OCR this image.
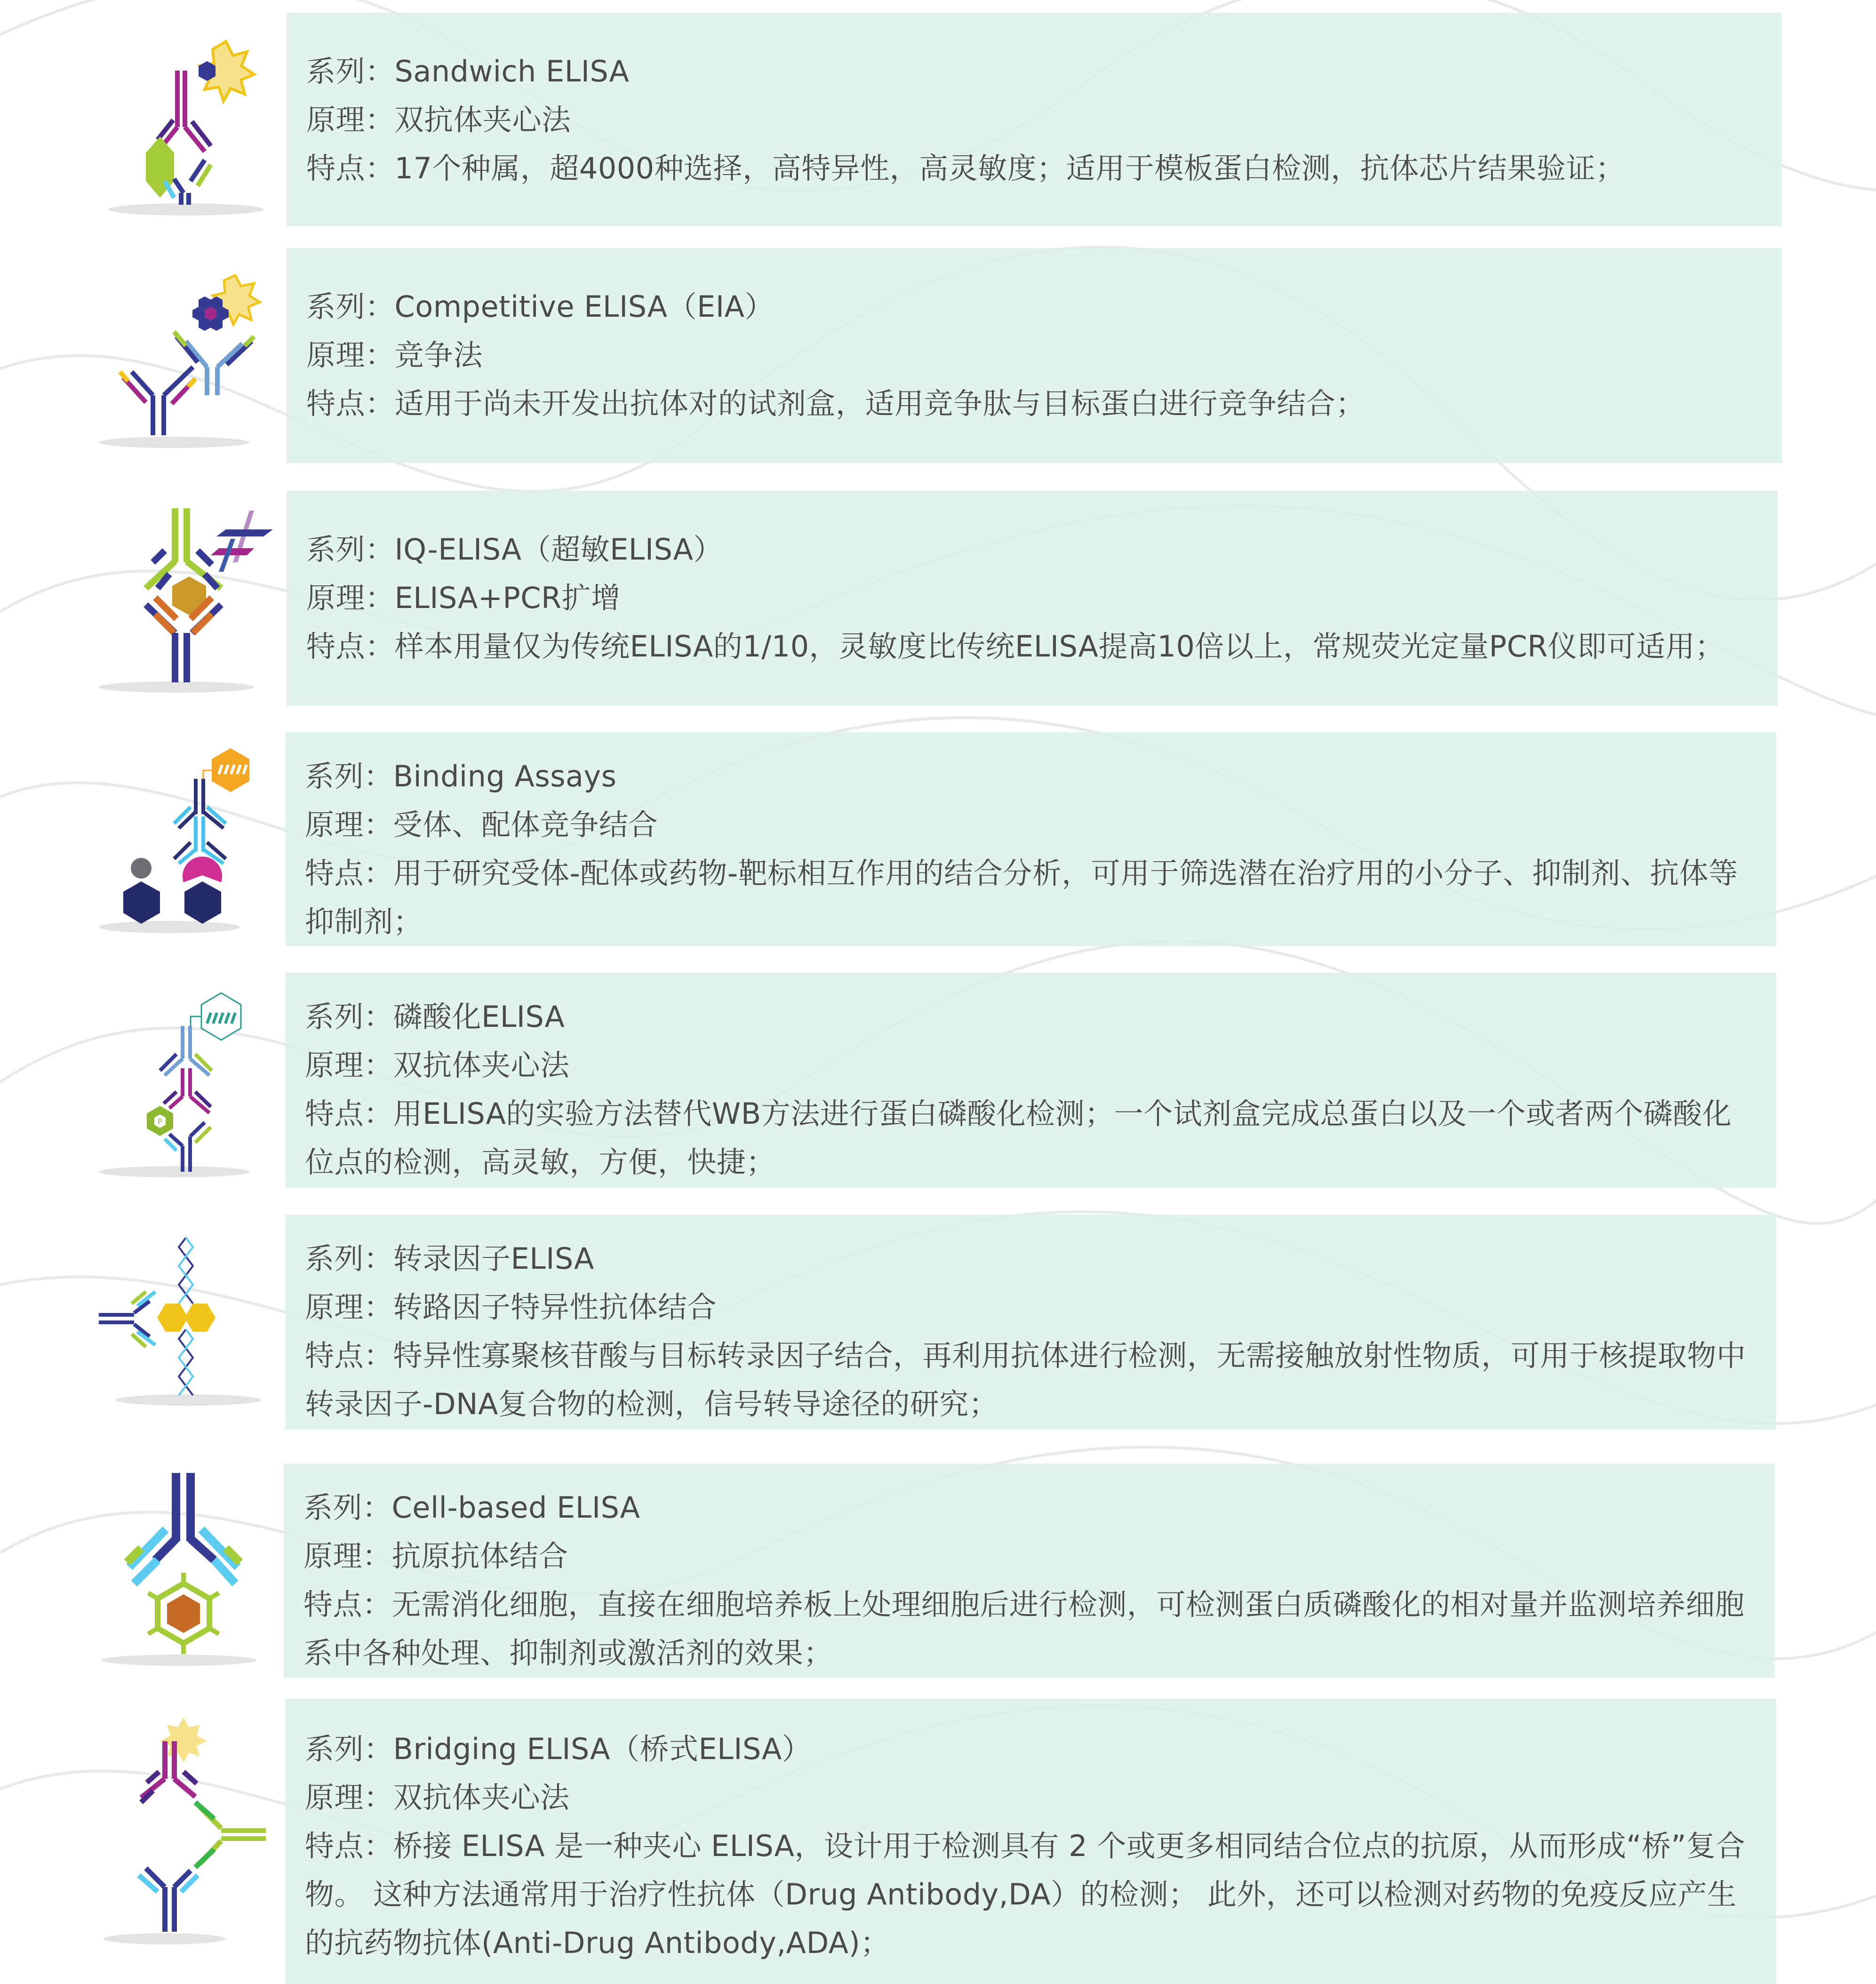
系列：Sandwich ELISA
原理：双抗体夹心法
特点：17个种属，超4000种选择，高特异性，高灵敏度；适用于模板蛋白检测，抗体芯片结果验证；
系列：Competitive ELISA（EIA）
原理：竞争法
特点：适用于尚未开发出抗体对的试剂盒，适用竞争肽与目标蛋白进行竞争结合；
系列：IQ-ELISA（超敏ELISA）
原理：ELISA+PCR扩增
特点：样本用量仅为传统ELISA的1/10，灵敏度比传统ELISA提高10倍以上，常规荧光定量PCR仪即可适用；
系列：Binding Assays
原理：受体、配体竞争结合
特点：用于研究受体-配体或药物-靶标相互作用的结合分析，可用于筛选潜在治疗用的小分子、抑制剂、抗体等抑制剂；
P
系列：磷酸化ELISA
原理：双抗体夹心法
特点：用ELISA的实验方法替代WB方法进行蛋白磷酸化检测；一个试剂盒完成总蛋白以及一个或者两个磷酸化位点的检测，高灵敏，方便，快捷；
系列：转录因子ELISA
原理：转路因子特异性抗体结合
特点：特异性寡聚核苷酸与目标转录因子结合，再利用抗体进行检测，无需接触放射性物质，可用于核提取物中转录因子-DNA复合物的检测，信号转导途径的研究；
系列：Cell-based ELISA
原理：抗原抗体结合
特点：无需消化细胞，直接在细胞培养板上处理细胞后进行检测，可检测蛋白质磷酸化的相对量并监测培养细胞系中各种处理、抑制剂或激活剂的效果；
系列：Bridging ELISA（桥式ELISA）
原理：双抗体夹心法
特点：桥接 ELISA 是一种夹心 ELISA，设计用于检测具有 2 个或更多相同结合位点的抗原，从而形成“桥”复合物。 这种方法通常用于治疗性抗体（Drug Antibody,DA）的检测； 此外，还可以检测对药物的免疫反应产生的抗药物抗体(Anti-Drug Antibody,ADA)；
